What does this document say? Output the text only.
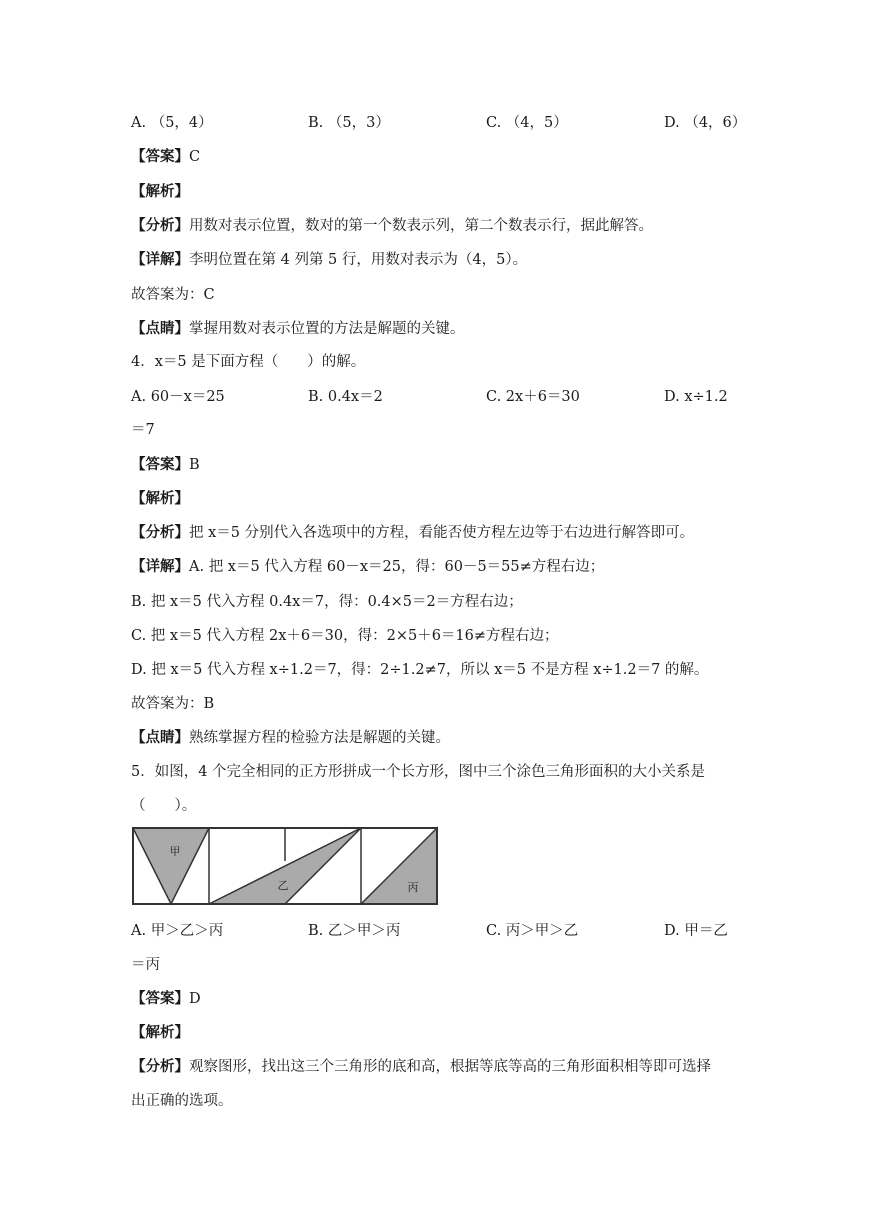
A. （5，4）	B. （5，3）	C. （4，5）	D. （4，6）
【答案】C
【解析】
【分析】用数对表示位置，数对的第一个数表示列，第二个数表示行，据此解答。
【详解】李明位置在第 4 列第 5 行，用数对表示为（4，5）。
故答案为：C
【点睛】掌握用数对表示位置的方法是解题的关键。
4．x＝5 是下面方程（　　）的解。
A. 60－x＝25	B. 0.4x＝2	C. 2x＋6＝30	D. x÷1.2
＝7
【答案】B
【解析】
【分析】把 x＝5 分别代入各选项中的方程，看能否使方程左边等于右边进行解答即可。
【详解】A. 把 x＝5 代入方程 60－x＝25，得：60－5＝55≠方程右边；
B. 把 x＝5 代入方程 0.4x＝7，得：0.4×5＝2＝方程右边；
C. 把 x＝5 代入方程 2x＋6＝30，得：2×5＋6＝16≠方程右边；
D. 把 x＝5 代入方程 x÷1.2＝7，得：2÷1.2≠7，所以 x＝5 不是方程 x÷1.2＝7 的解。
故答案为：B
【点睛】熟练掌握方程的检验方法是解题的关键。
5．如图，4 个完全相同的正方形拼成一个长方形，图中三个涂色三角形面积的大小关系是
（　　）。
甲
乙	丙
A. 甲＞乙＞丙	B. 乙＞甲＞丙	C. 丙＞甲＞乙	D. 甲＝乙
＝丙
【答案】D
【解析】
【分析】观察图形，找出这三个三角形的底和高，根据等底等高的三角形面积相等即可选择
出正确的选项。
